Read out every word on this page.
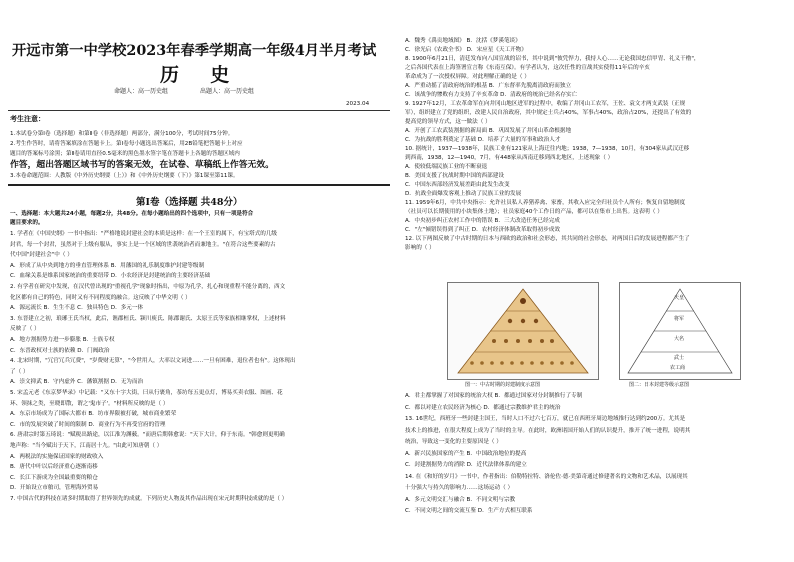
开远市第一中学校2023年春季学期高一年级4月半月考试
历  史
命题人：高一历史组	出题人：高一历史组
2023.04
考生注意：
1.本试卷分第Ⅰ卷（选择题）和第Ⅱ卷（非选择题）两部分，满分100分，考试时间75分钟。
2.考生作答时，请将答案填涂在答题卡上。第Ⅰ卷每小题选出答案后，用2B铅笔把答题卡上对应
题目的答案标号涂黑；第Ⅱ卷请用直径0.5毫米的黑色墨水签字笔在答题卡上各题的答题区域内
作答，超出答题区域书写的答案无效，在试卷、草稿纸上作答无效。
3.本卷命题范围：人教版《中外历史纲要（上）》和《中外历史纲要（下）》第1课至第11课。
第Ⅰ卷（选择题 共48分）
一、选择题：本大题共24小题，每题2分，共48分。在每小题给出的四个选项中，只有一项是符合
题目要求的。
1. 学者在《中国史纲》一书中指出："严格地说封建社会的本质是这样：在一个王室的属下，有宝塔式的几级
封君，每一个封君，虽然对于上级有服从，事实上是一个区域的世袭统治者而兼地主。"在符合这些要素的古
代中国"封建社会"中（ ）
A．形成了从中央到地方的垂直管理体系 B．用藩国的礼乐制度维护封建等级制
C．血缘关系是维系国家统治的重要纽带 D．小农经济是封建统治的主要经济基础
2. 有学者在研究中发现，在汉代曾出现的"重视孔学"现象时指出，中原为孔学，扎心和现重程不能分离的，西文
化区都有自己的特色，同时又有不同程度的融合。这反映了中华文明（ ）
A．源远流长 B．生生不息 C．独具特色 D．多元一体
3. 东晋建立之初，琅琊王氏当权，此后，谯郡桓氏、颍川庾氏、陈郡谢氏、太原王氏等家族相继掌权，上述材料
反映了（ ）
A．地方割据势力进一步膨胀 B．士族专权
C．东晋政权对士族的依赖 D．门阀政治
4. 北宋时期，"冗官冗兵冗费"，"岁费财无算"，"今世用人，大率以文词进……一旦有困难，退位者也有"。这体现出
了（ ）
A．崇文抑武 B．守内虚外 C．藩镇割据 D．无为而治
5. 宋孟元老《东京梦华录》中记载："又东十字大街，曰从行裹角，茶坊每五更点灯，博易买卖衣服、图画、花
环、领抹之类，至晓即散，谓之'鬼市子'。"材料所反映的是（ ）
A．东京市场成为了国际大都市 B．坊市界限被打破，城市商业繁荣
C．市的发展突破了时间的限制 D．商业行为不再受官府的管理
6. 唐肃宗时第五琦说："赋税出路途，以江淮为渊薮。"而唐后期韩愈说："天下大计，仰于东南。"韩愈则更明确
地声称："当今赋出于天下，江南居十九。"由此可知唐朝（ ）
A．两税法的实施保证国家的财政收入
B．唐代中叶以后经济重心逐渐南移
C．长江下游成为全国最重要的粮仓
D．开始设立市舶司，管理海外贸易
7. 中国古代的科技在诸多时期取得了世界领先的成就。下列历史人物及其作品出现在宋元时期科技成就的是（ ）
A．魏秀《禹贡地域图》 B．沈括《梦溪笔谈》
C．徐光启《农政全书》 D．宋应星《天工开物》
8. 1900年6月21日，清廷发布向八国宣战的诏书，其中说到"彼凭悍力，我恃人心……无论我国忠信甲胄、礼义干橹"，
之后各国代表在上海签署宣言称《东南互保》。有学者认为，这次任性的宣战其实使得11年后的辛亥
革命成为了一次授权屏障。对此理解正确的是（ ）
A．严重动摇了清政府统治的根基 B．广东督率先脱离清政府而独立
C．该战争的惨败有力支持了辛亥革命 D．清政府的统治已经名存实亡
9. 1927年12月，工农革命军在向井冈山地区进军的过程中，收编了井冈山工农军，王佐、袁文才两支武装（正规
军），组织建立了党的组织，改建人民自治政府，其中规定士兵占40%，军事占40%，政治占20%，还提出了有效的
提高党的领导方式，这一做法（ ）
A．开创了工农武装割据的新局面 B．巩固发展了井冈山革命根据地
C．为抗战的胜利奠定了基础 D．培养了大量的军事和政治人才
10. 据统计，1937—1938年，民族工业有121家从上海迁往内地；1938，7—1938，10月，有304家从武汉迁移
到西南，1938，12—1940，7月，有448家从西南迁移到西北地区，上述现象（ ）
A．使较低端民族工业的不断衰退
B．美国支援了抗战时期中国的西部建设
C．中国东西部经济发展差距由此发生改变
D．抗战全面爆发客观上推动了民族工业的发展
11. 1959年6月，中共中央指示：允许社员私人养猪养禽、家畜，其收入应完全归社员个人所有；恢复自留地制度
（社员可以长期使用的小块集体土地）；社员家庭40个工作日的产品，都可以在集市上出售。这表明（ ）
A．中央初步纠正农村工作中的错误 B．三大改造任务已经完成
C．"左"倾错误得到了纠正 D．农村经济体制改革取得初步成效
12. 以下两图反映了中古时期的日本与西欧的政治和社会形态，其共同的社会形态，对两国日后的发展进程都产生了
影响的（ ）
图一：中古时期的封建制度示意图
天皇
将军
大名
武士
农工商
图二：日本封建等级示意图
A．君主都掌握了对国家的统治大权 B．都通过国家对分封制推行了专制
C．都以对建立农民经济为核心 D．都通过宗教维护君主的统治
13. 16世纪，西班牙一些封建主国王，当时人口不过六七百万，就已在西班牙周边地域推行达到约200万。尤其是
技术上的推进，在很大程度上成为了当时的主导。在此时，欧洲诸国开始人们的认识提升，推开了统一进程，说明其
统治，导致这一变化的主要原因是（ ）
A．新兴民族国家的产生 B．中国政治地位的提高
C．封建割据势力的消除 D．近代法律体系的建立
14. 在《和好的岁月》一书中，作者指出：伯勒特拉特、洛伦佐·德·美第奇通过修建著名的文物和艺术品，以展现其
十分强大与持久的影响力……这场运动（ ）
A．多元文明交汇与融合 B．不同文明与宗教
C．不同文明之间的交流互鉴 D．生产方式相互联系
